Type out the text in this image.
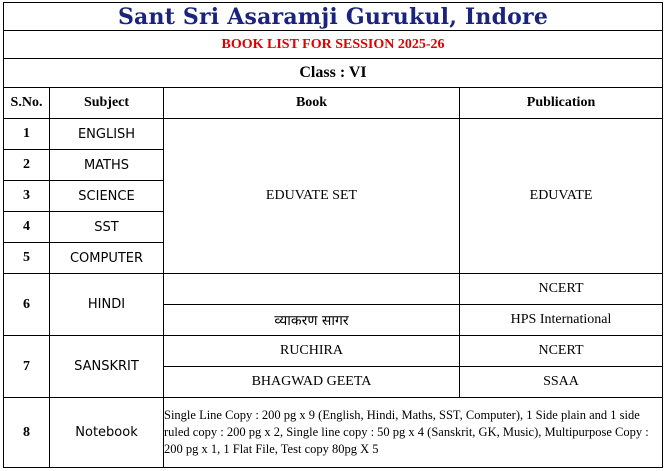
Sant Sri Asaramji Gurukul, Indore			
BOOK LIST FOR SESSION 2025-26			
Class : VI			
S.No.	Subject	Book	Publication
1	ENGLISH	EDUVATE SET	EDUVATE
2	MATHS		
3	SCIENCE		
4	SST		
5	COMPUTER		
6	HINDI		NCERT
		व्याकरण सागर	HPS International
7	SANSKRIT	RUCHIRA	NCERT
		BHAGWAD GEETA	SSAA
8	Notebook	Single Line Copy : 200 pg x 9 (English, Hindi, Maths, SST, Computer), 1 Side plain and 1 side ruled copy : 200 pg x 2, Single line copy : 50 pg x 4 (Sanskrit, GK, Music), Multipurpose Copy : 200 pg x 1, 1 Flat File, Test copy 80pg X 5	
